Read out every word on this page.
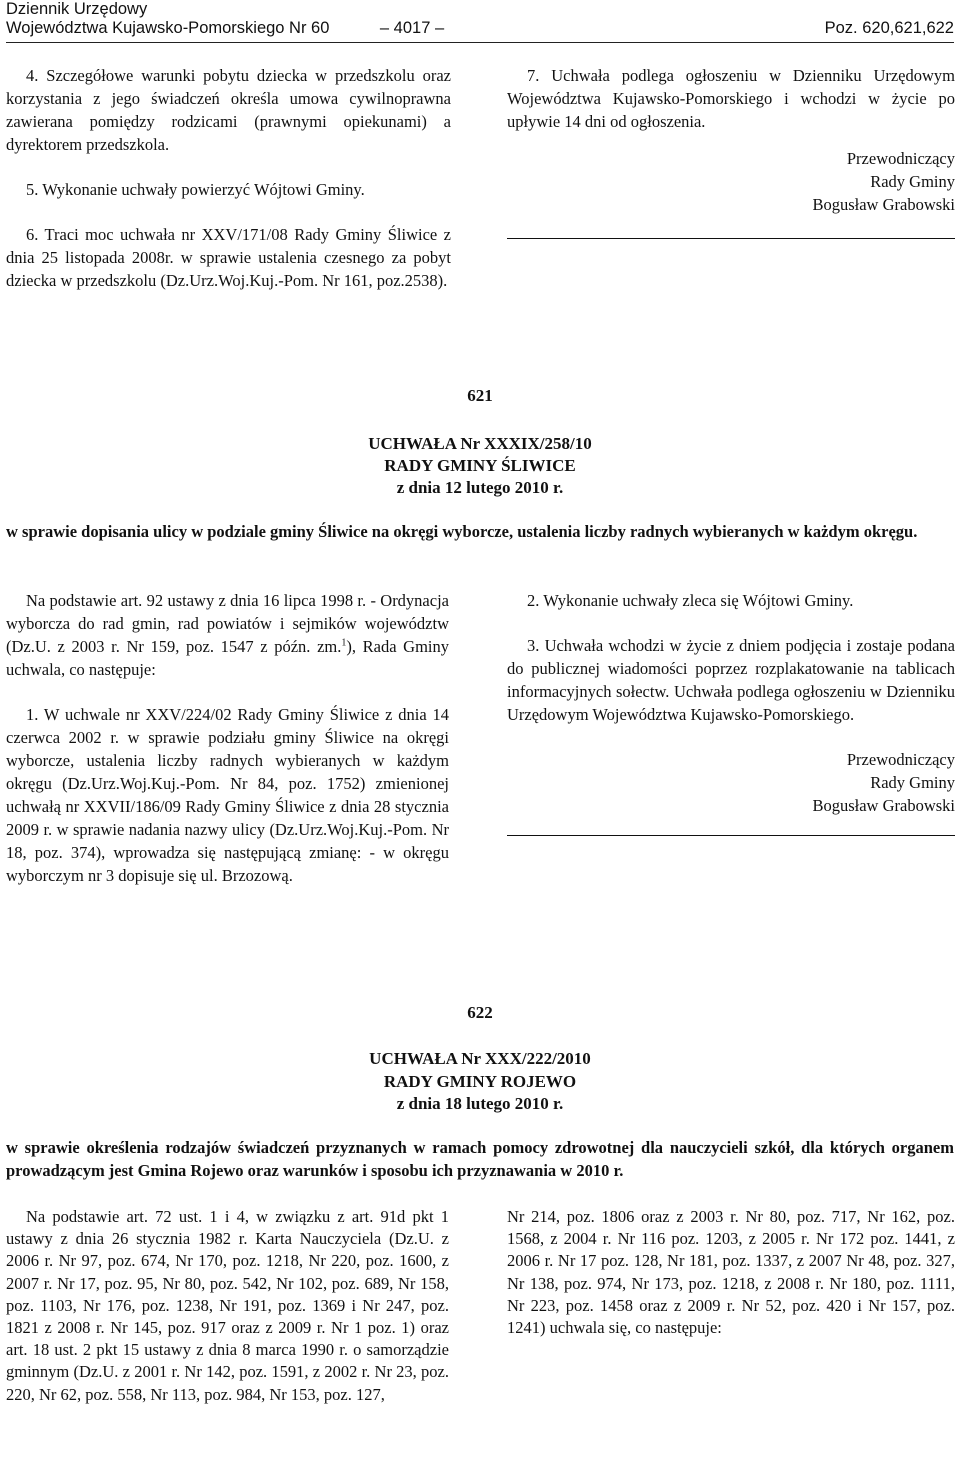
Dziennik Urzędowy
Województwa Kujawsko-Pomorskiego Nr 60	– 4017 –	Poz. 620,621,622

4. Szczegółowe warunki pobytu dziecka w przedszkolu oraz korzystania z jego świadczeń określa umowa cywilnoprawna zawierana pomiędzy rodzicami (prawnymi opiekunami) a dyrektorem przedszkola.

5. Wykonanie uchwały powierzyć Wójtowi Gminy.

6. Traci moc uchwała nr XXV/171/08 Rady Gminy Śliwice z dnia 25 listopada 2008r. w sprawie ustalenia czesnego za pobyt dziecka w przedszkolu (Dz.Urz.Woj.Kuj.-Pom. Nr 161, poz.2538).

7. Uchwała podlega ogłoszeniu w Dzienniku Urzędowym Województwa Kujawsko-Pomorskiego i wchodzi w życie po upływie 14 dni od ogłoszenia.

Przewodniczący
Rady Gminy
Bogusław Grabowski
621
UCHWAŁA Nr XXXIX/258/10
RADY GMINY ŚLIWICE
z dnia 12 lutego 2010 r.
w sprawie dopisania ulicy w podziale gminy Śliwice na okręgi wyborcze, ustalenia liczby radnych wybieranych w każdym okręgu.

Na podstawie art. 92 ustawy z dnia 16 lipca 1998 r. - Ordynacja wyborcza do rad gmin, rad powiatów i sejmików województw (Dz.U. z 2003 r. Nr 159, poz. 1547 z późn. zm.$^1$), Rada Gminy uchwala, co następuje:

1. W uchwale nr XXV/224/02 Rady Gminy Śliwice z dnia 14 czerwca 2002 r. w sprawie podziału gminy Śliwice na okręgi wyborcze, ustalenia liczby radnych wybieranych w każdym okręgu (Dz.Urz.Woj.Kuj.-Pom. Nr 84, poz. 1752) zmienionej uchwałą nr XXVII/186/09 Rady Gminy Śliwice z dnia 28 stycznia 2009 r. w sprawie nadania nazwy ulicy (Dz.Urz.Woj.Kuj.-Pom. Nr 18, poz. 374), wprowadza się następującą zmianę: - w okręgu wyborczym nr 3 dopisuje się ul. Brzozową.

2. Wykonanie uchwały zleca się Wójtowi Gminy.

3. Uchwała wchodzi w życie z dniem podjęcia i zostaje podana do publicznej wiadomości poprzez rozplakatowanie na tablicach informacyjnych sołectw. Uchwała podlega ogłoszeniu w Dzienniku Urzędowym Województwa Kujawsko-Pomorskiego.

Przewodniczący
Rady Gminy
Bogusław Grabowski
622
UCHWAŁA Nr XXX/222/2010
RADY GMINY ROJEWO
z dnia 18 lutego 2010 r.
w sprawie określenia rodzajów świadczeń przyznanych w ramach pomocy zdrowotnej dla nauczycieli szkół, dla których organem prowadzącym jest Gmina Rojewo oraz warunków i sposobu ich przyznawania w 2010 r.

Na podstawie art. 72 ust. 1 i 4, w związku z art. 91d pkt 1 ustawy z dnia 26 stycznia 1982 r. Karta Nauczyciela (Dz.U. z 2006 r. Nr 97, poz. 674, Nr 170, poz. 1218, Nr 220, poz. 1600, z 2007 r. Nr 17, poz. 95, Nr 80, poz. 542, Nr 102, poz. 689, Nr 158, poz. 1103, Nr 176, poz. 1238, Nr 191, poz. 1369 i Nr 247, poz. 1821 z 2008 r. Nr 145, poz. 917 oraz z 2009 r. Nr 1 poz. 1) oraz art. 18 ust. 2 pkt 15 ustawy z dnia 8 marca 1990 r. o samorządzie gminnym (Dz.U. z 2001 r. Nr 142, poz. 1591, z 2002 r. Nr 23, poz. 220, Nr 62, poz. 558, Nr 113, poz. 984, Nr 153, poz. 127,

Nr 214, poz. 1806 oraz z 2003 r. Nr 80, poz. 717, Nr 162, poz. 1568, z 2004 r. Nr 116 poz. 1203, z 2005 r. Nr 172 poz. 1441, z 2006 r. Nr 17 poz. 128, Nr 181, poz. 1337, z 2007 Nr 48, poz. 327, Nr 138, poz. 974, Nr 173, poz. 1218, z 2008 r. Nr 180, poz. 1111, Nr 223, poz. 1458 oraz z 2009 r. Nr 52, poz. 420 i Nr 157, poz. 1241) uchwala się, co następuje:
